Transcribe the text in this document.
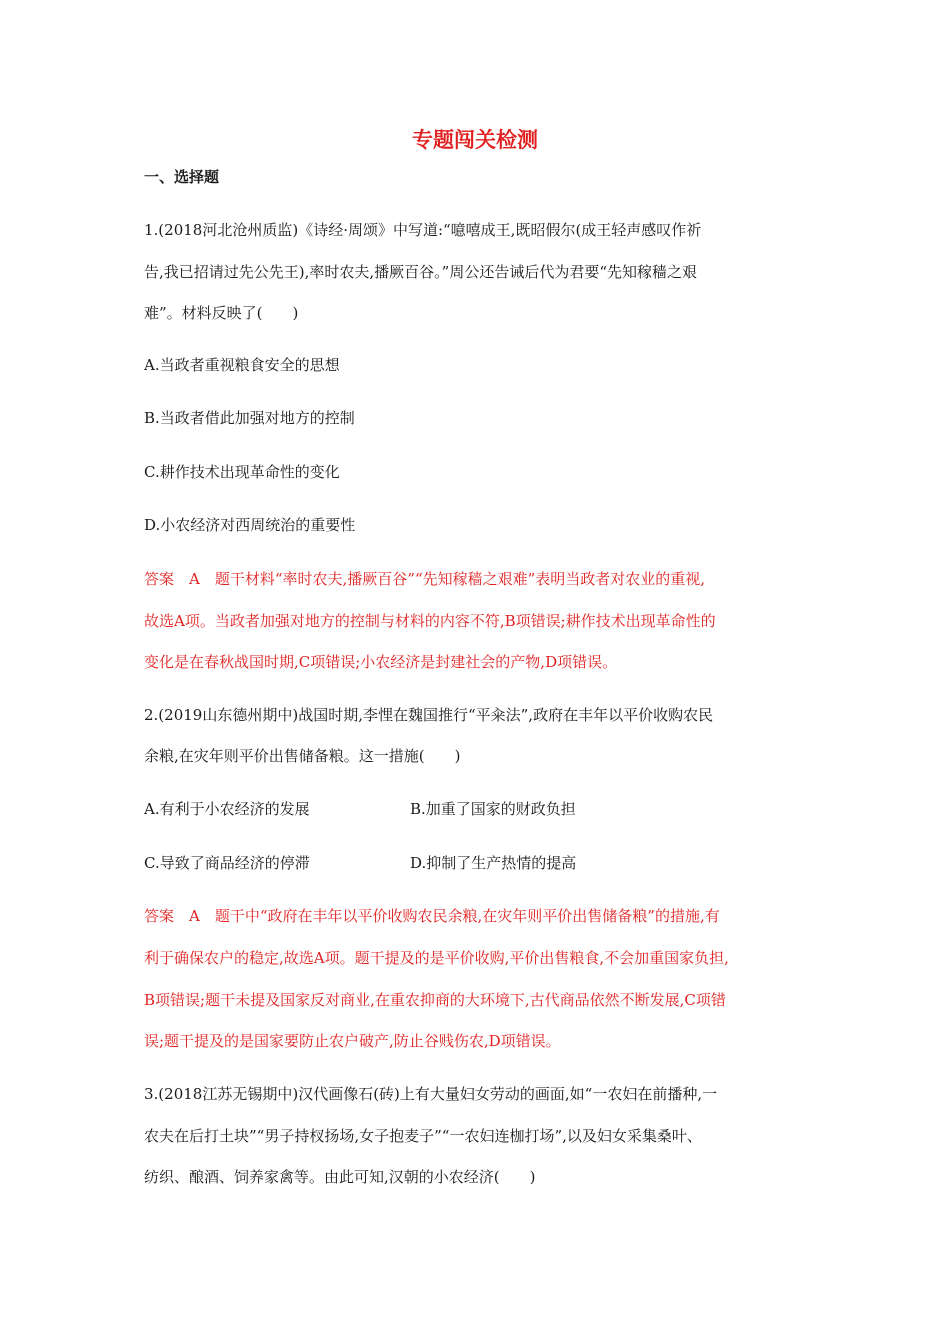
专题闯关检测
一、选择题
1.(2018河北沧州质监)《诗经·周颂》中写道:“噫嘻成王,既昭假尔(成王轻声感叹作祈
告,我已招请过先公先王),率时农夫,播厥百谷。”周公还告诫后代为君要“先知稼穑之艰
难”。材料反映了(　　)
A.当政者重视粮食安全的思想
B.当政者借此加强对地方的控制
C.耕作技术出现革命性的变化
D.小农经济对西周统治的重要性
答案　A　题干材料“率时农夫,播厥百谷”“先知稼穑之艰难”表明当政者对农业的重视,
故选A项。当政者加强对地方的控制与材料的内容不符,B项错误;耕作技术出现革命性的
变化是在春秋战国时期,C项错误;小农经济是封建社会的产物,D项错误。
2.(2019山东德州期中)战国时期,李悝在魏国推行“平籴法”,政府在丰年以平价收购农民
余粮,在灾年则平价出售储备粮。这一措施(　　)
A.有利于小农经济的发展	B.加重了国家的财政负担
C.导致了商品经济的停滞	D.抑制了生产热情的提高
答案　A　题干中“政府在丰年以平价收购农民余粮,在灾年则平价出售储备粮”的措施,有
利于确保农户的稳定,故选A项。题干提及的是平价收购,平价出售粮食,不会加重国家负担,
B项错误;题干未提及国家反对商业,在重农抑商的大环境下,古代商品依然不断发展,C项错
误;题干提及的是国家要防止农户破产,防止谷贱伤农,D项错误。
3.(2018江苏无锡期中)汉代画像石(砖)上有大量妇女劳动的画面,如“一农妇在前播种,一
农夫在后打土块”“男子持杈扬场,女子抱麦子”“一农妇连枷打场”,以及妇女采集桑叶、
纺织、酿酒、饲养家禽等。由此可知,汉朝的小农经济(　　)
